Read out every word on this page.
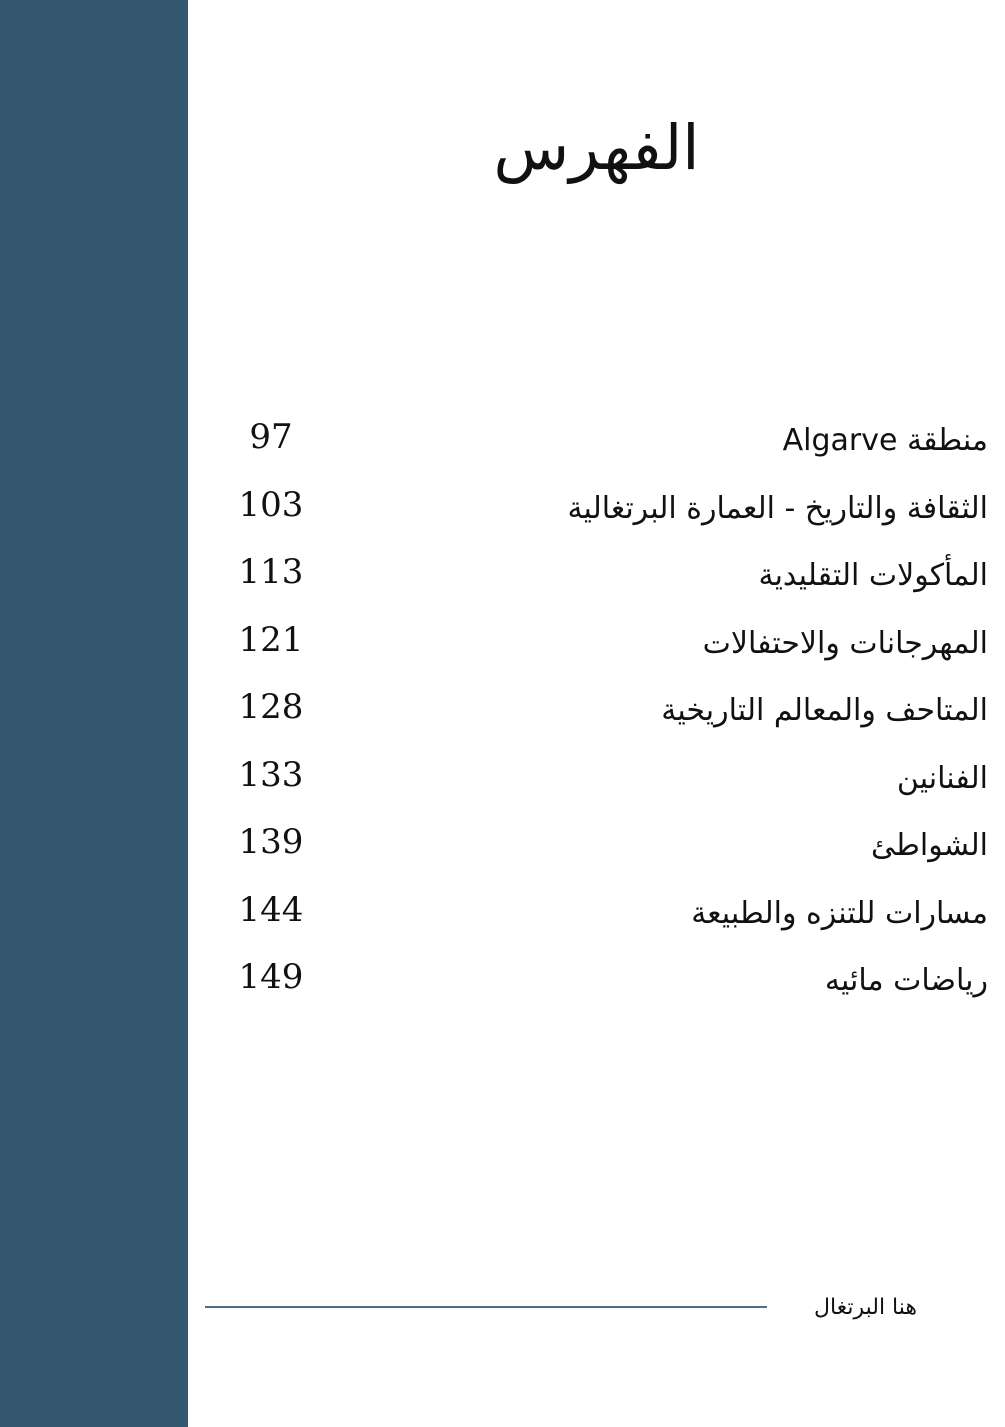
الفهرس
منطقة Algarve
97
الثقافة والتاريخ - العمارة البرتغالية
103
المأكولات التقليدية
113
المهرجانات والاحتفالات
121
المتاحف والمعالم التاريخية
128
الفنانين
133
الشواطئ
139
مسارات للتنزه والطبيعة
144
رياضات مائيه
149
هنا البرتغال
